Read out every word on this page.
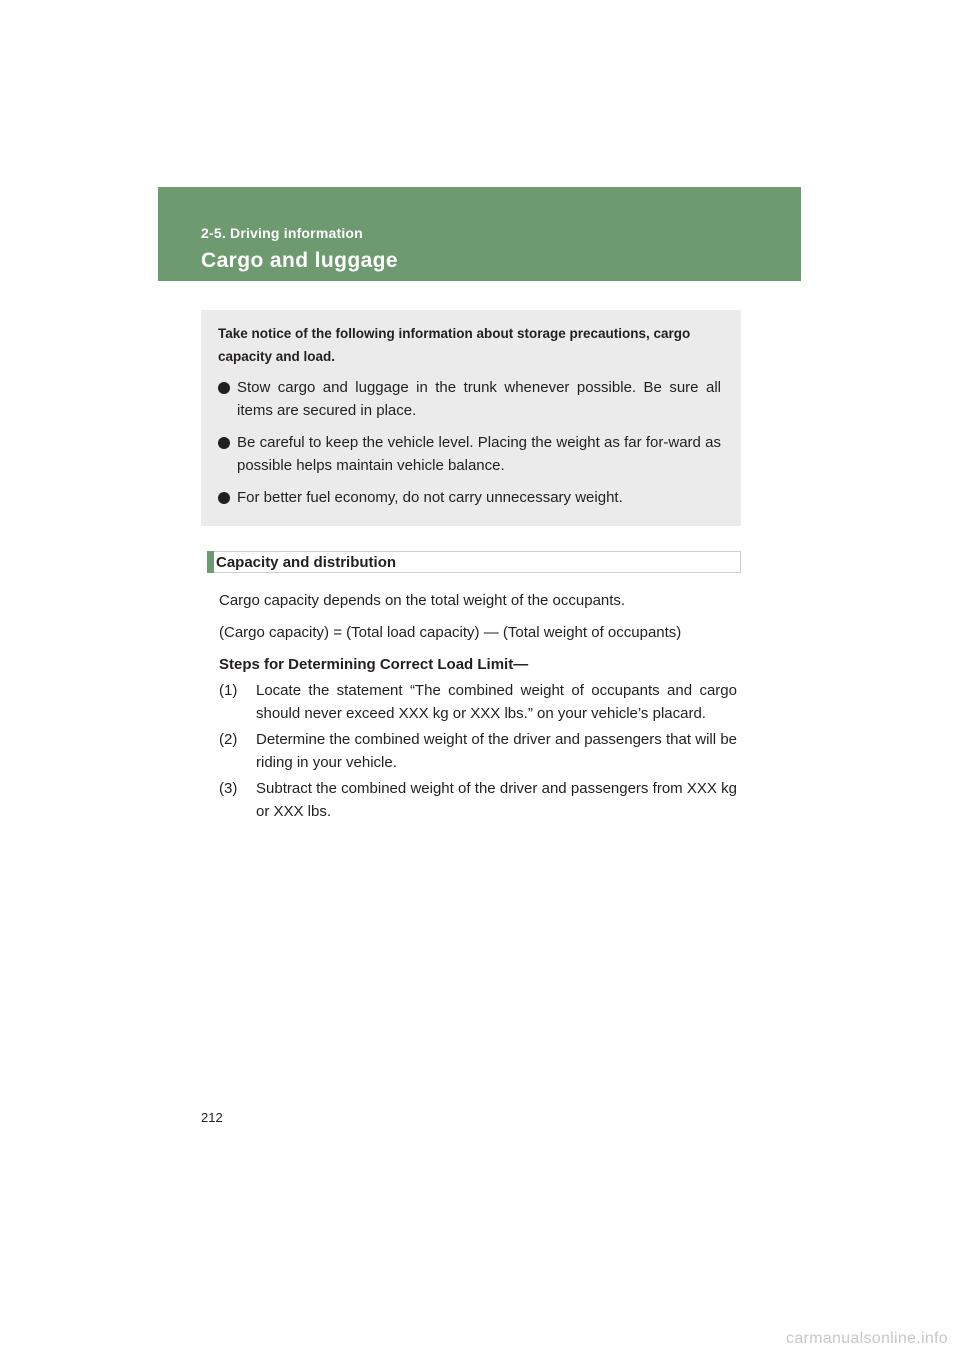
2-5. Driving information
Cargo and luggage

Take notice of the following information about storage precautions, cargo capacity and load.

Stow cargo and luggage in the trunk whenever possible. Be sure all items are secured in place.
Be careful to keep the vehicle level. Placing the weight as far for-ward as possible helps maintain vehicle balance.
For better fuel economy, do not carry unnecessary weight.
Capacity and distribution

Cargo capacity depends on the total weight of the occupants.

(Cargo capacity) = (Total load capacity) — (Total weight of occupants)

Steps for Determining Correct Load Limit—

(1) Locate the statement “The combined weight of occupants and cargo should never exceed XXX kg or XXX lbs.” on your vehicle’s placard.
(2) Determine the combined weight of the driver and passengers that will be riding in your vehicle.
(3) Subtract the combined weight of the driver and passengers from XXX kg or XXX lbs.
212
carmanualsonline.info
